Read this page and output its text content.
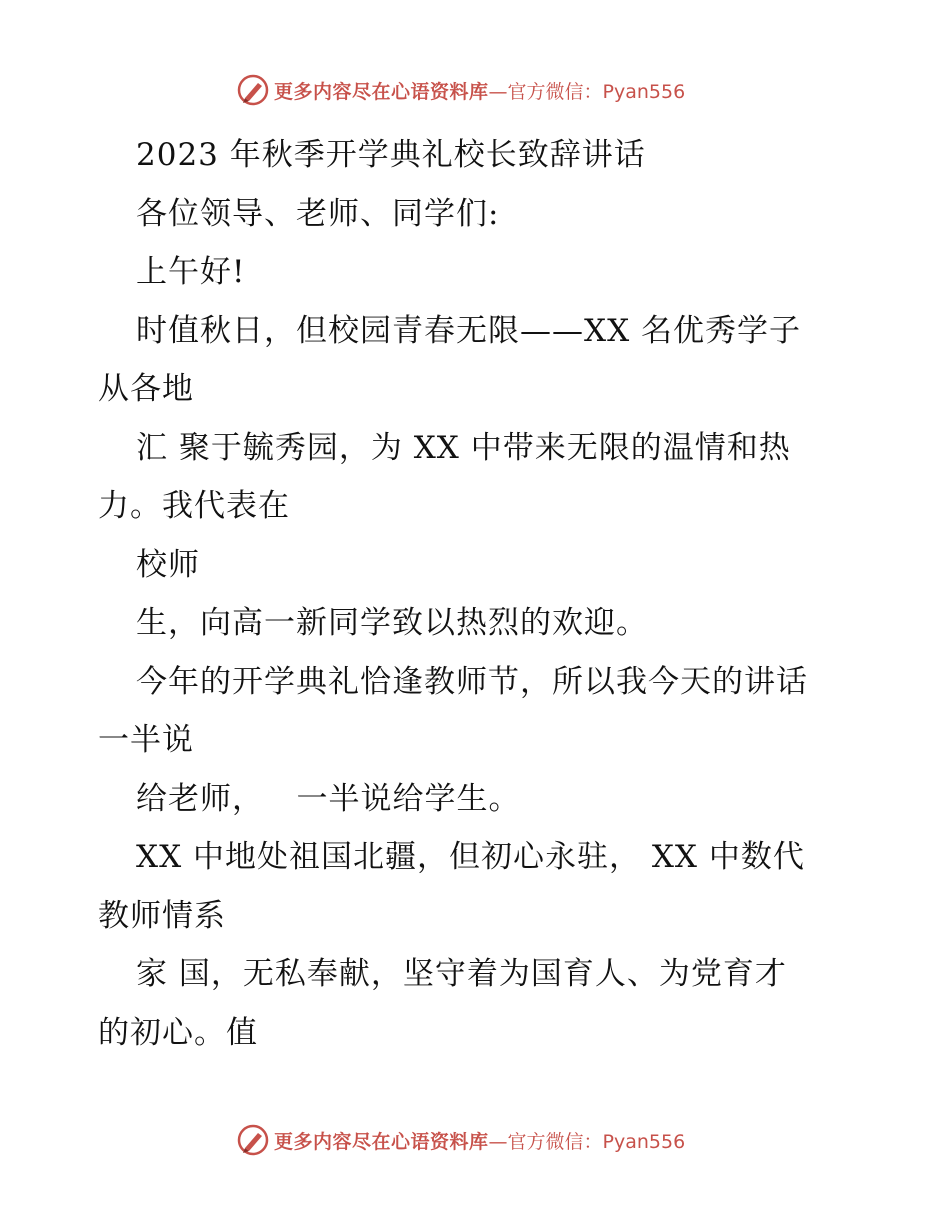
更多内容尽在心语资料库 —官方微信：Pyan556
2023 年秋季开学典礼校长致辞讲话
各位领导、老师、同学们:
上午好!
时值秋日，但校园青春无限——XX 名优秀学子
从各地
汇 聚于毓秀园，为 XX 中带来无限的温情和热
力。我代表在
校师
生，向高一新同学致以热烈的欢迎。
今年的开学典礼恰逢教师节，所以我今天的讲话
一半说
给老师，   一半说给学生。
XX 中地处祖国北疆，但初心永驻， XX 中数代
教师情系
家 国，无私奉献，坚守着为国育人、为党育才
的初心。值
更多内容尽在心语资料库 —官方微信：Pyan556
